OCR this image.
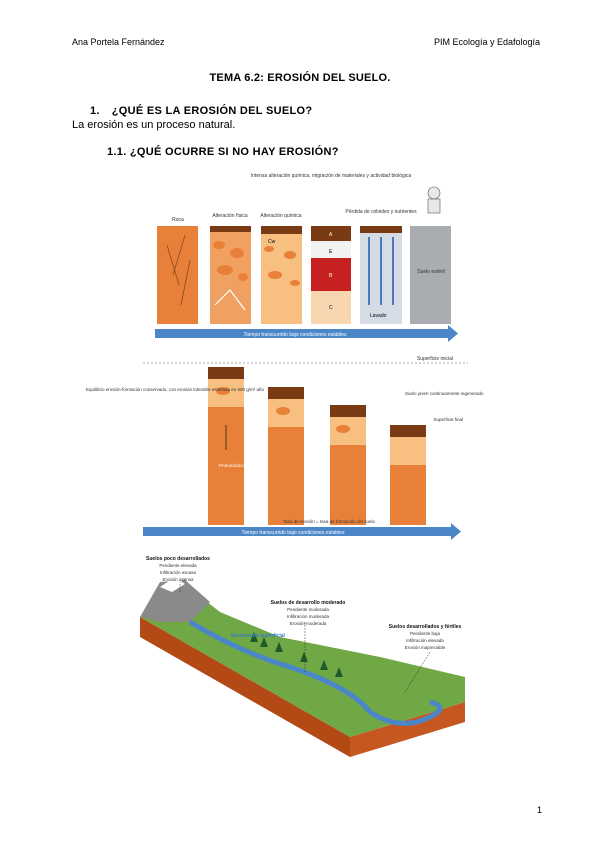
Ana Portela Fernández	PIM Ecología y Edafología
TEMA 6.2: EROSIÓN DEL SUELO.
1. ¿QUÉ ES LA EROSIÓN DEL SUELO?
La erosión es un proceso natural.
1.1. ¿QUÉ OCURRE SI NO HAY EROSIÓN?
Cw
A
E
B
C
Lavado
Suelo estéril
Roca
Alteración física	Alteración química
Intensa alteración química, migración de materiales y actividad biológica
Pérdida de coloides y nutrientes
Tiempo transcurrido bajo condiciones estables
Superficie inicial
Equilibrio erosión-formación conservado, con erosión tolerable estimada en 600 g/m² año
Profundización
Suelo joven continuamente regenerado
Superficie final
Tasa de erosión = tasa de formación del suelo
Tiempo transcurrido bajo condiciones estables
Suelos poco desarrollados
Pendiente elevada
Infiltración escasa
Erosión intensa
Suelos de desarrollo moderado
Pendiente moderada
Infiltración moderada
Erosión moderada
Escorrentía superficial
Suelos desarrollados y fértiles
Pendiente baja
Infiltración elevada
Erosión inapreciable
1
